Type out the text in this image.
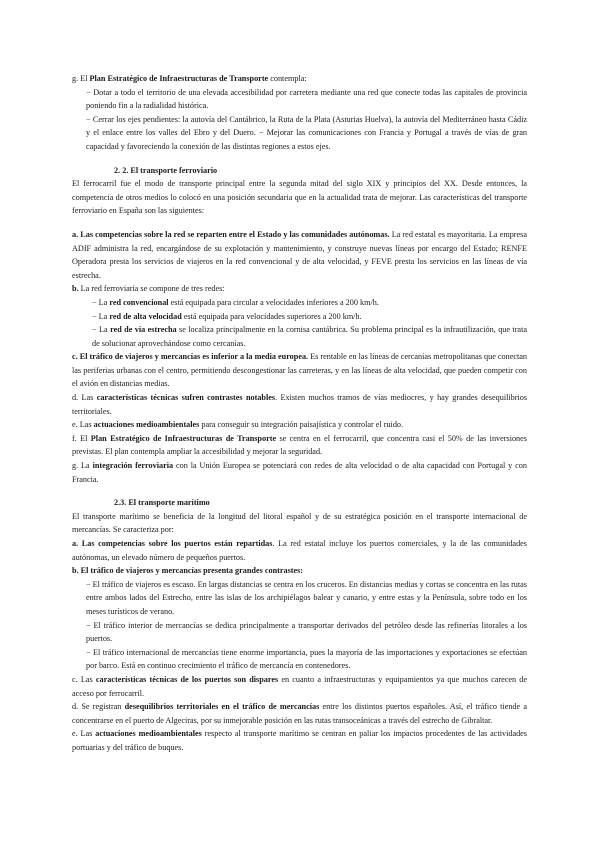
g. El Plan Estratégico de Infraestructuras de Transporte contempla:

− Dotar a todo el territorio de una elevada accesibilidad por carretera mediante una red que conecte todas las capitales de provincia poniendo fin a la radialidad histórica.

− Cerrar los ejes pendientes: la autovía del Cantábrico, la Ruta de la Plata (Asturias Huelva), la autovía del Mediterráneo hasta Cádiz y el enlace entre los valles del Ebro y del Duero. − Mejorar las comunicaciones con Francia y Portugal a través de vías de gran capacidad y favoreciendo la conexión de las distintas regiones a estos ejes.

2. 2. El transporte ferroviario

El ferrocarril fue el modo de transporte principal entre la segunda mitad del siglo XIX y principios del XX. Desde entonces, la competencia de otros medios lo colocó en una posición secundaria que en la actualidad trata de mejorar. Las características del transporte ferroviario en España son las siguientes:

a. Las competencias sobre la red se reparten entre el Estado y las comunidades autónomas. La red estatal es mayoritaria. La empresa ADIF administra la red, encargándose de su explotación y mantenimiento, y construye nuevas líneas por encargo del Estado; RENFE Operadora presta los servicios de viajeros en la red convencional y de alta velocidad, y FEVE presta los servicios en las líneas de vía estrecha.

b. La red ferroviaria se compone de tres redes:

− La red convencional está equipada para circular a velocidades inferiores a 200 km/h.

− La red de alta velocidad está equipada para velocidades superiores a 200 km/h.

− La red de vía estrecha se localiza principalmente en la cornisa cantábrica. Su problema principal es la infrautilización, que trata de solucionar aprovechándose como cercanías.

c. El tráfico de viajeros y mercancías es inferior a la media europea. Es rentable en las líneas de cercanías metropolitanas que conectan las periferias urbanas con el centro, permitiendo descongestionar las carreteras, y en las líneas de alta velocidad, que pueden competir con el avión en distancias medias.

d. Las características técnicas sufren contrastes notables. Existen muchos tramos de vías mediocres, y hay grandes desequilibrios territoriales.

e. Las actuaciones medioambientales para conseguir su integración paisajística y controlar el ruido.

f. El Plan Estratégico de Infraestructuras de Transporte se centra en el ferrocarril, que concentra casi el 50% de las inversiones previstas. El plan contempla ampliar la accesibilidad y mejorar la seguridad.

g. La integración ferroviaria con la Unión Europea se potenciará con redes de alta velocidad o de alta capacidad con Portugal y con Francia.

2.3. El transporte marítimo

El transporte marítimo se beneficia de la longitud del litoral español y de su estratégica posición en el transporte internacional de mercancías. Se caracteriza por:

a. Las competencias sobre los puertos están repartidas. La red estatal incluye los puertos comerciales, y la de las comunidades autónomas, un elevado número de pequeños puertos.

b. El tráfico de viajeros y mercancías presenta grandes contrastes:

− El tráfico de viajeros es escaso. En largas distancias se centra en los cruceros. En distancias medias y cortas se concentra en las rutas entre ambos lados del Estrecho, entre las islas de los archipiélagos balear y canario, y entre estas y la Península, sobre todo en los meses turísticos de verano.

− El tráfico interior de mercancías se dedica principalmente a transportar derivados del petróleo desde las refinerías litorales a los puertos.

− El tráfico internacional de mercancías tiene enorme importancia, pues la mayoría de las importaciones y exportaciones se efectúan por barco. Está en continuo crecimiento el tráfico de mercancía en contenedores.

c. Las características técnicas de los puertos son dispares en cuanto a infraestructuras y equipamientos ya que muchos carecen de acceso por ferrocarril.

d. Se registran desequilibrios territoriales en el tráfico de mercancías entre los distintos puertos españoles. Así, el tráfico tiende a concentrarse en el puerto de Algeciras, por su inmejorable posición en las rutas transoceánicas a través del estrecho de Gibraltar.

e. Las actuaciones medioambientales respecto al transporte marítimo se centran en paliar los impactos procedentes de las actividades portuarias y del tráfico de buques.
